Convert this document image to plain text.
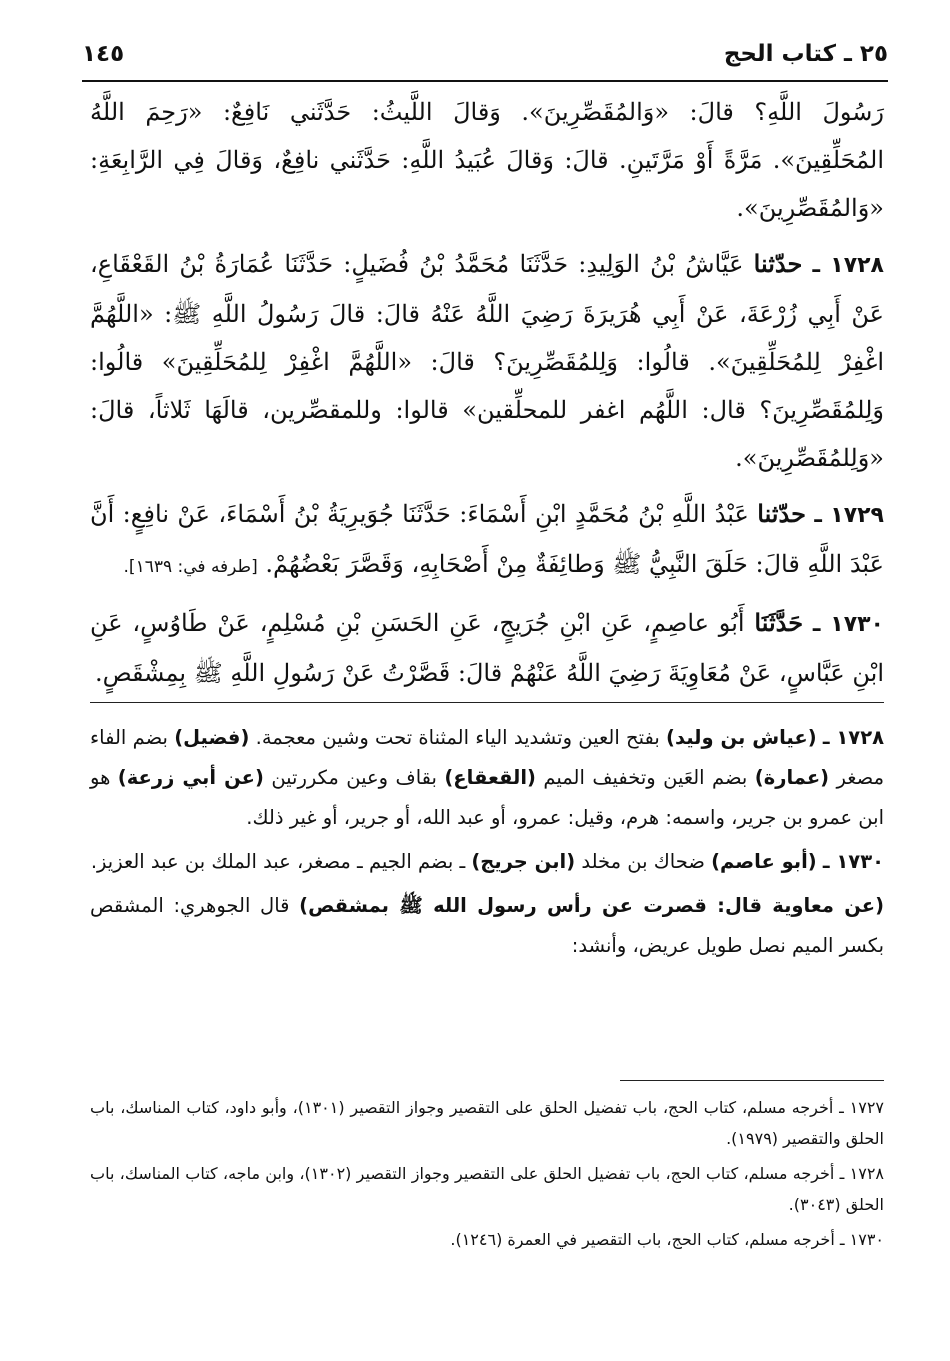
٢٥ ـ كتاب الحج
١٤٥

رَسُولَ اللَّهِ؟ قالَ: «وَالمُقَصِّرِينَ». وَقالَ اللَّيثُ: حَدَّثَني نَافِعٌ: «رَحِمَ اللَّهُ المُحَلِّقِينَ». مَرَّةً أَوْ مَرَّتَينِ. قالَ: وَقالَ عُبَيدُ اللَّهِ: حَدَّثَني نافِعٌ، وَقالَ فِي الرَّابِعَةِ: «وَالمُقَصِّرِينَ».

١٧٢٨ ـ حدّثنا عَيَّاشُ بْنُ الوَلِيدِ: حَدَّثَنَا مُحَمَّدُ بْنُ فُضَيلٍ: حَدَّثَنَا عُمَارَةُ بْنُ القَعْقَاعِ، عَنْ أَبِي زُرْعَةَ، عَنْ أَبِي هُرَيرَةَ رَضِيَ اللَّهُ عَنْهُ قالَ: قالَ رَسُولُ اللَّهِ ﷺ: «اللَّهُمَّ اغْفِرْ لِلمُحَلِّقِينَ». قالُوا: وَلِلمُقَصِّرِينَ؟ قالَ: «اللَّهُمَّ اغْفِرْ لِلمُحَلِّقِينَ» قالُوا: وَلِلمُقَصِّرِينَ؟ قال: اللَّهُم اغفر للمحلِّقين» قالوا: وللمقصِّرين، قالَهَا ثَلاثاً، قالَ: «وَلِلمُقَصِّرِينَ».

١٧٢٩ ـ حدّثنا عَبْدُ اللَّهِ بْنُ مُحَمَّدٍ ابْنِ أَسْمَاءَ: حَدَّثَنَا جُوَيرِيَةُ بْنُ أَسْمَاءَ، عَنْ نافِعٍ: أَنَّ عَبْدَ اللَّهِ قالَ: حَلَقَ النَّبِيُّ ﷺ وَطائِفَةٌ مِنْ أَصْحَابِهِ، وَقَصَّرَ بَعْضُهُمْ. [طرفه في: ١٦٣٩].

١٧٣٠ ـ حَدَّثَنَا أَبُو عاصِمٍ، عَنِ ابْنِ جُرَيجٍ، عَنِ الحَسَنِ بْنِ مُسْلِمٍ، عَنْ طَاوُسٍ، عَنِ ابْنِ عَبَّاسٍ، عَنْ مُعَاوِيَةَ رَضِيَ اللَّهُ عَنْهُمْ قالَ: قَصَّرْتُ عَنْ رَسُولِ اللَّهِ ﷺ بِمِشْقَصٍ.

١٧٢٨ ـ (عياش بن وليد) بفتح العين وتشديد الياء المثناة تحت وشين معجمة. (فضيل) بضم الفاء مصغر (عمارة) بضم العَين وتخفيف الميم (القعقاع) بقاف وعين مكررتين (عن أبي زرعة) هو ابن عمرو بن جرير، واسمه: هرم، وقيل: عمرو، أو عبد الله، أو جرير، أو غير ذلك.

١٧٣٠ ـ (أبو عاصم) ضحاك بن مخلد (ابن جريج) ـ بضم الجيم ـ مصغر، عبد الملك بن عبد العزيز.

(عن معاوية قال: قصرت عن رأس رسول الله ﷺ بمشقص) قال الجوهري: المشقص بكسر الميم نصل طويل عريض، وأنشد:

١٧٢٧ ـ أخرجه مسلم، كتاب الحج، باب تفضيل الحلق على التقصير وجواز التقصير (١٣٠١)، وأبو داود، كتاب المناسك، باب الحلق والتقصير (١٩٧٩).

١٧٢٨ ـ أخرجه مسلم، كتاب الحج، باب تفضيل الحلق على التقصير وجواز التقصير (١٣٠٢)، وابن ماجه، كتاب المناسك، باب الحلق (٣٠٤٣).

١٧٣٠ ـ أخرجه مسلم، كتاب الحج، باب التقصير في العمرة (١٢٤٦).
